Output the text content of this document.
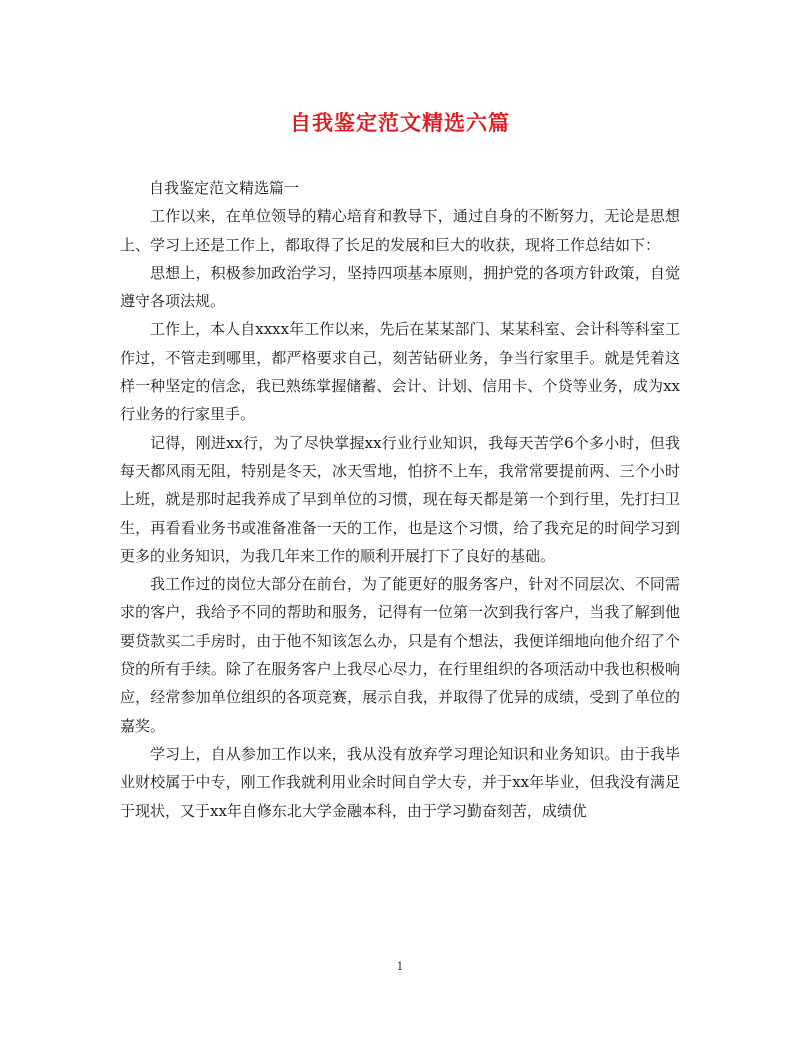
自我鉴定范文精选六篇

自我鉴定范文精选篇一

工作以来，在单位领导的精心培育和教导下，通过自身的不断努力，无论是思想上、学习上还是工作上，都取得了长足的发展和巨大的收获，现将工作总结如下：

思想上，积极参加政治学习，坚持四项基本原则，拥护党的各项方针政策，自觉遵守各项法规。

工作上，本人自xxxx年工作以来，先后在某某部门、某某科室、会计科等科室工作过，不管走到哪里，都严格要求自己，刻苦钻研业务，争当行家里手。就是凭着这样一种坚定的信念，我已熟练掌握储蓄、会计、计划、信用卡、个贷等业务，成为xx行业务的行家里手。

记得，刚进xx行，为了尽快掌握xx行业行业知识，我每天苦学6个多小时，但我每天都风雨无阻，特别是冬天，冰天雪地，怕挤不上车，我常常要提前两、三个小时上班，就是那时起我养成了早到单位的习惯，现在每天都是第一个到行里，先打扫卫生，再看看业务书或准备准备一天的工作，也是这个习惯，给了我充足的时间学习到更多的业务知识，为我几年来工作的顺利开展打下了良好的基础。

我工作过的岗位大部分在前台，为了能更好的服务客户，针对不同层次、不同需求的客户，我给予不同的帮助和服务，记得有一位第一次到我行客户，当我了解到他要贷款买二手房时，由于他不知该怎么办，只是有个想法，我便详细地向他介绍了个贷的所有手续。除了在服务客户上我尽心尽力，在行里组织的各项活动中我也积极响应，经常参加单位组织的各项竞赛，展示自我，并取得了优异的成绩，受到了单位的嘉奖。

学习上，自从参加工作以来，我从没有放弃学习理论知识和业务知识。由于我毕业财校属于中专，刚工作我就利用业余时间自学大专，并于xx年毕业，但我没有满足于现状，又于xx年自修东北大学金融本科，由于学习勤奋刻苦，成绩优

1
